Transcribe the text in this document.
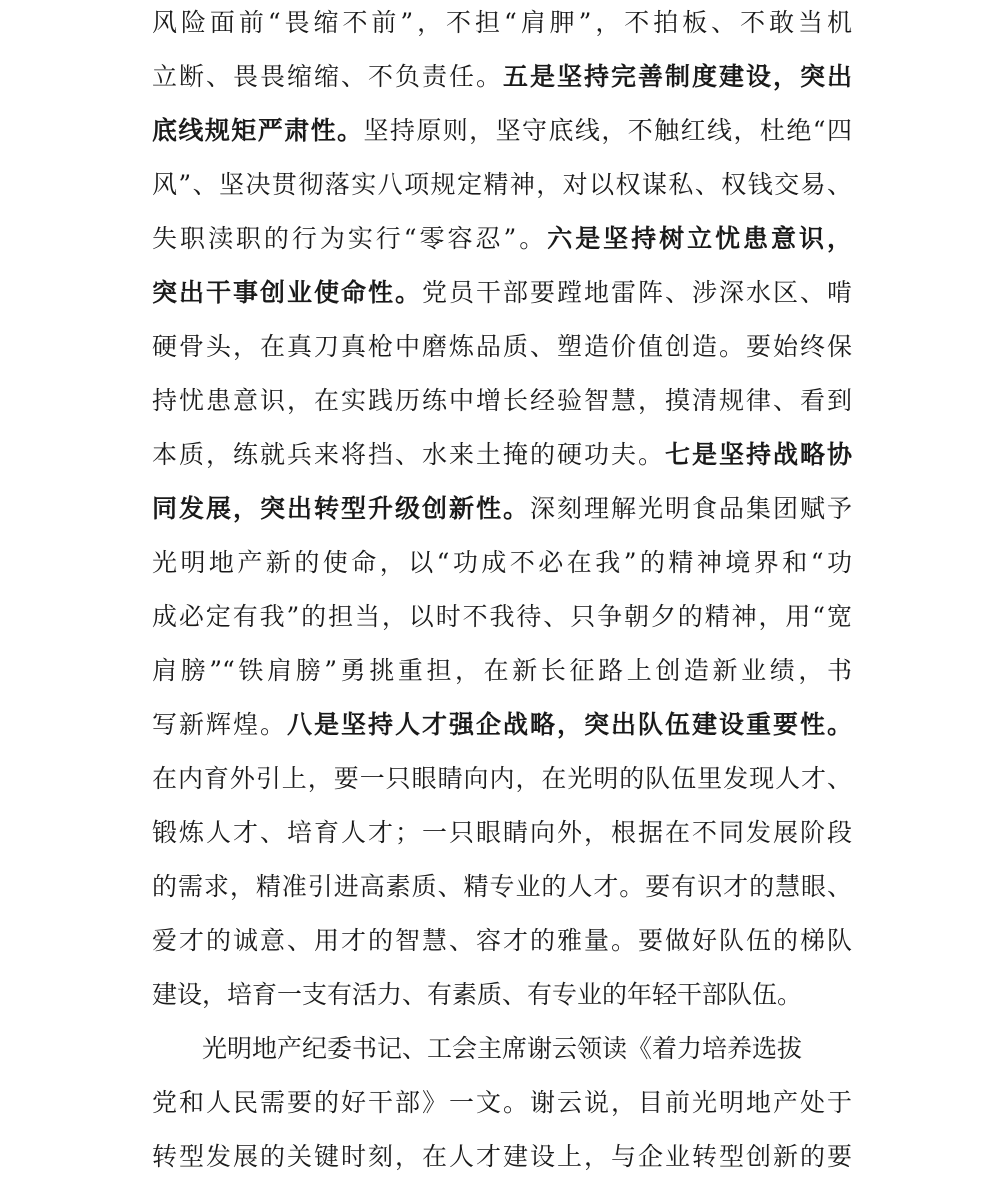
风险面前“畏缩不前”，不担“肩胛”，不拍板、不敢当机
立断、畏畏缩缩、不负责任。五是坚持完善制度建设，突出
底线规矩严肃性。坚持原则，坚守底线，不触红线，杜绝“四
风”、坚决贯彻落实八项规定精神，对以权谋私、权钱交易、
失职渎职的行为实行“零容忍”。六是坚持树立忧患意识，
突出干事创业使命性。党员干部要蹚地雷阵、涉深水区、啃
硬骨头，在真刀真枪中磨炼品质、塑造价值创造。要始终保
持忧患意识，在实践历练中增长经验智慧，摸清规律、看到
本质，练就兵来将挡、水来土掩的硬功夫。七是坚持战略协
同发展，突出转型升级创新性。深刻理解光明食品集团赋予
光明地产新的使命，以“功成不必在我”的精神境界和“功
成必定有我”的担当，以时不我待、只争朝夕的精神，用“宽
肩膀”“铁肩膀”勇挑重担，在新长征路上创造新业绩，书
写新辉煌。八是坚持人才强企战略，突出队伍建设重要性。
在内育外引上，要一只眼睛向内，在光明的队伍里发现人才、
锻炼人才、培育人才；一只眼睛向外，根据在不同发展阶段
的需求，精准引进高素质、精专业的人才。要有识才的慧眼、
爱才的诚意、用才的智慧、容才的雅量。要做好队伍的梯队
建设，培育一支有活力、有素质、有专业的年轻干部队伍。
光明地产纪委书记、工会主席谢云领读《着力培养选拔
党和人民需要的好干部》一文。谢云说，目前光明地产处于
转型发展的关键时刻，在人才建设上，与企业转型创新的要
